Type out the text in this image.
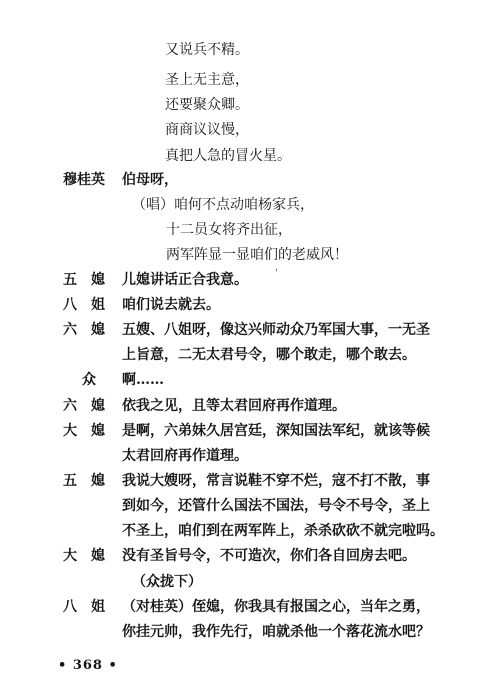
又说兵不精。
圣上无主意，
还要聚众卿。
商商议议慢，
真把人急的冒火星。
穆桂英 伯母呀，
（唱）咱何不点动咱杨家兵，
十二员女将齐出征，
两军阵显一显咱们的老威风！
五　媳 儿媳讲话正合我意。	'
八　姐 咱们说去就去。
六　媳 五嫂、八姐呀，像这兴师动众乃军国大事，一无圣
上旨意，二无太君号令，哪个敢走，哪个敢去。
众 啊……
六　媳 依我之见，且等太君回府再作道理。
大　媳 是啊，六弟妹久居宫廷，深知国法军纪，就该等候
太君回府再作道理。
五　媳 我说大嫂呀，常言说鞋不穿不烂，寇不打不散，事
到如今，还管什么国法不国法，号令不号令，圣上
不圣上，咱们到在两军阵上，杀杀砍砍不就完啦吗。
大　媳 没有圣旨号令，不可造次，你们各自回房去吧。
（众拢下）
八　姐 （对桂英）侄媳，你我具有报国之心，当年之勇，
你挂元帅，我作先行，咱就杀他一个落花流水吧？
• 368 •
